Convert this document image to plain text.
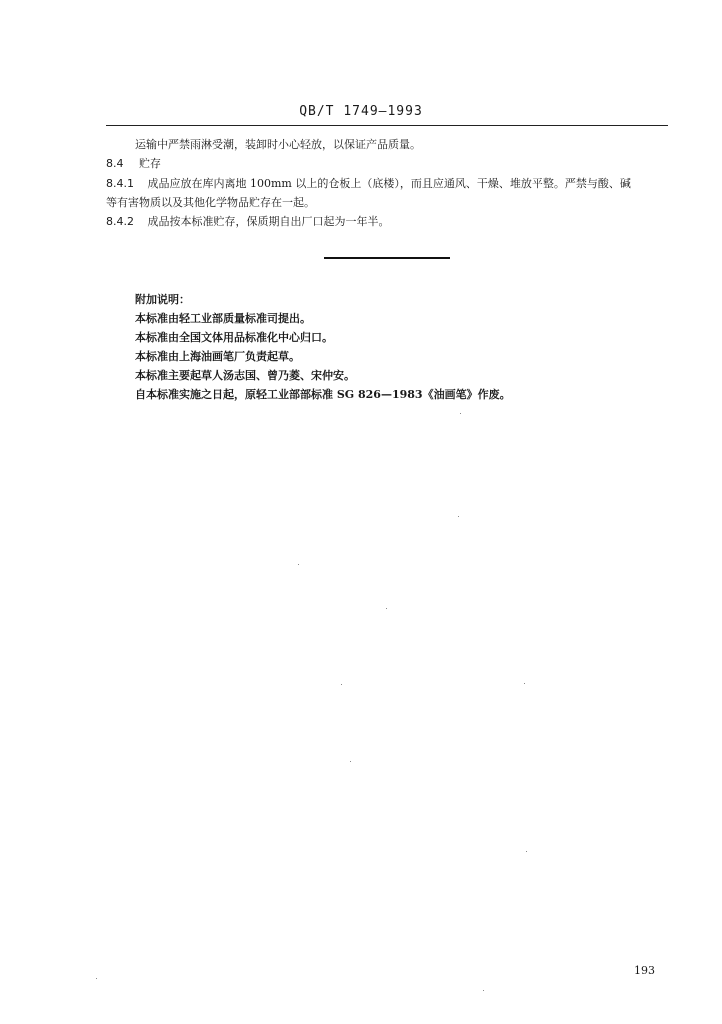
QB/T 1749—1993
运输中严禁雨淋受潮，装卸时小心轻放，以保证产品质量。
8.4 贮存
8.4.1 成品应放在库内离地 100mm 以上的仓板上（底楼），而且应通风、干燥、堆放平整。严禁与酸、碱
等有害物质以及其他化学物品贮存在一起。
8.4.2 成品按本标准贮存，保质期自出厂口起为一年半。
附加说明：
本标准由轻工业部质量标准司提出。
本标准由全国文体用品标准化中心归口。
本标准由上海油画笔厂负责起草。
本标准主要起草人汤志国、曾乃菱、宋仲安。
自本标准实施之日起，原轻工业部部标准 SG 826—1983《油画笔》作废。
193
